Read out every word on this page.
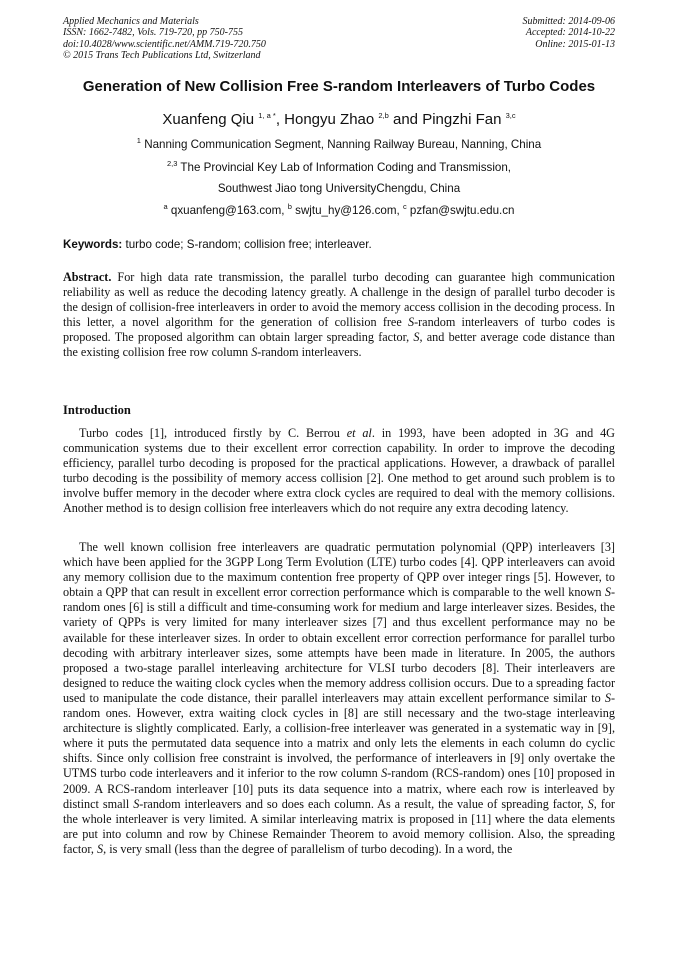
Applied Mechanics and Materials
ISSN: 1662-7482, Vols. 719-720, pp 750-755
doi:10.4028/www.scientific.net/AMM.719-720.750
© 2015 Trans Tech Publications Ltd, Switzerland
Submitted: 2014-09-06
Accepted: 2014-10-22
Online: 2015-01-13
Generation of New Collision Free S-random Interleavers of Turbo Codes
Xuanfeng Qiu $^{1, a *}$, Hongyu Zhao $^{2,b}$ and Pingzhi Fan $^{3,c}$
$^1$ Nanning Communication Segment, Nanning Railway Bureau, Nanning, China
$^{2,3}$ The Provincial Key Lab of Information Coding and Transmission,
Southwest Jiao tong UniversityChengdu, China
$^a$ qxuanfeng@163.com, $^b$ swjtu_hy@126.com, $^c$ pzfan@swjtu.edu.cn
Keywords: turbo code; S-random; collision free; interleaver.
Abstract. For high data rate transmission, the parallel turbo decoding can guarantee high communication reliability as well as reduce the decoding latency greatly. A challenge in the design of parallel turbo decoder is the design of collision-free interleavers in order to avoid the memory access collision in the decoding process. In this letter, a novel algorithm for the generation of collision free S-random interleavers of turbo codes is proposed. The proposed algorithm can obtain larger spreading factor, S, and better average code distance than the existing collision free row column S-random interleavers.
Introduction
Turbo codes [1], introduced firstly by C. Berrou et al. in 1993, have been adopted in 3G and 4G communication systems due to their excellent error correction capability. In order to improve the decoding efficiency, parallel turbo decoding is proposed for the practical applications. However, a drawback of parallel turbo decoding is the possibility of memory access collision [2]. One method to get around such problem is to involve buffer memory in the decoder where extra clock cycles are required to deal with the memory collisions. Another method is to design collision free interleavers which do not require any extra decoding latency.
The well known collision free interleavers are quadratic permutation polynomial (QPP) interleavers [3] which have been applied for the 3GPP Long Term Evolution (LTE) turbo codes [4]. QPP interleavers can avoid any memory collision due to the maximum contention free property of QPP over integer rings [5]. However, to obtain a QPP that can result in excellent error correction performance which is comparable to the well known S-random ones [6] is still a difficult and time-consuming work for medium and large interleaver sizes. Besides, the variety of QPPs is very limited for many interleaver sizes [7] and thus excellent performance may no be available for these interleaver sizes. In order to obtain excellent error correction performance for parallel turbo decoding with arbitrary interleaver sizes, some attempts have been made in literature. In 2005, the authors proposed a two-stage parallel interleaving architecture for VLSI turbo decoders [8]. Their interleavers are designed to reduce the waiting clock cycles when the memory address collision occurs. Due to a spreading factor used to manipulate the code distance, their parallel interleavers may attain excellent performance similar to S-random ones. However, extra waiting clock cycles in [8] are still necessary and the two-stage interleaving architecture is slightly complicated. Early, a collision-free interleaver was generated in a systematic way in [9], where it puts the permutated data sequence into a matrix and only lets the elements in each column do cyclic shifts. Since only collision free constraint is involved, the performance of interleavers in [9] only overtake the UTMS turbo code interleavers and it inferior to the row column S-random (RCS-random) ones [10] proposed in 2009. A RCS-random interleaver [10] puts its data sequence into a matrix, where each row is interleaved by distinct small S-random interleavers and so does each column. As a result, the value of spreading factor, S, for the whole interleaver is very limited. A similar interleaving matrix is proposed in [11] where the data elements are put into column and row by Chinese Remainder Theorem to avoid memory collision. Also, the spreading factor, S, is very small (less than the degree of parallelism of turbo decoding). In a word, the
